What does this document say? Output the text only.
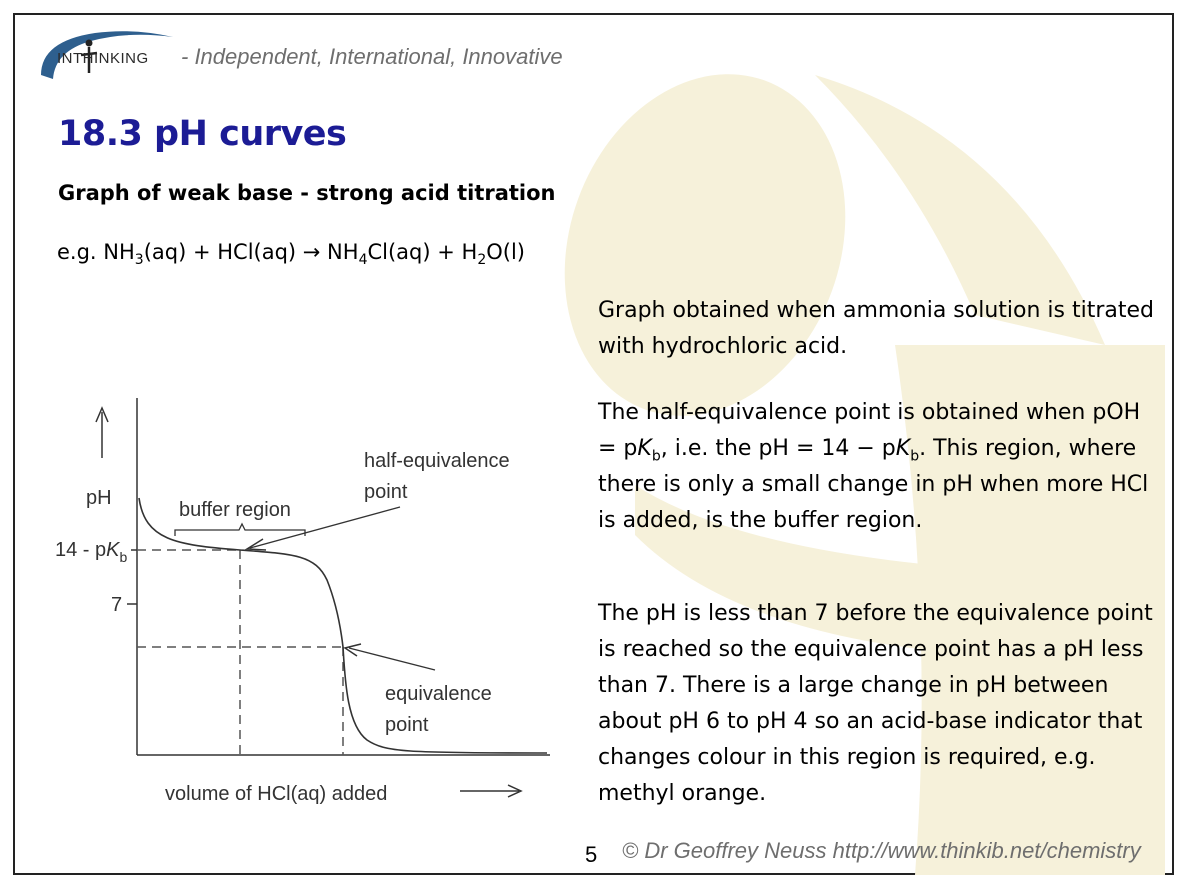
INTHINKING - Independent, International, Innovative
18.3 pH curves
Graph of weak base - strong acid titration
e.g. $NH_3(aq) + HCl(aq) \to NH_4Cl(aq) + H_2O(l)$
Graph obtained when ammonia solution is titrated with hydrochloric acid.
The half-equivalence point is obtained when pOH = $pK_b$, i.e. the pH = $14 - pK_b$. This region, where there is only a small change in pH when more HCl is added, is the buffer region.
The pH is less than 7 before the equivalence point is reached so the equivalence point has a pH less than 7. There is a large change in pH between about pH 6 to pH 4 so an acid-base indicator that changes colour in this region is required, e.g. methyl orange.
pH
$14 - pK_b$
7
buffer region
half-equivalence
point
equivalence
point
volume of HCl(aq) added
5 © Dr Geoffrey Neuss http://www.thinkib.net/chemistry
